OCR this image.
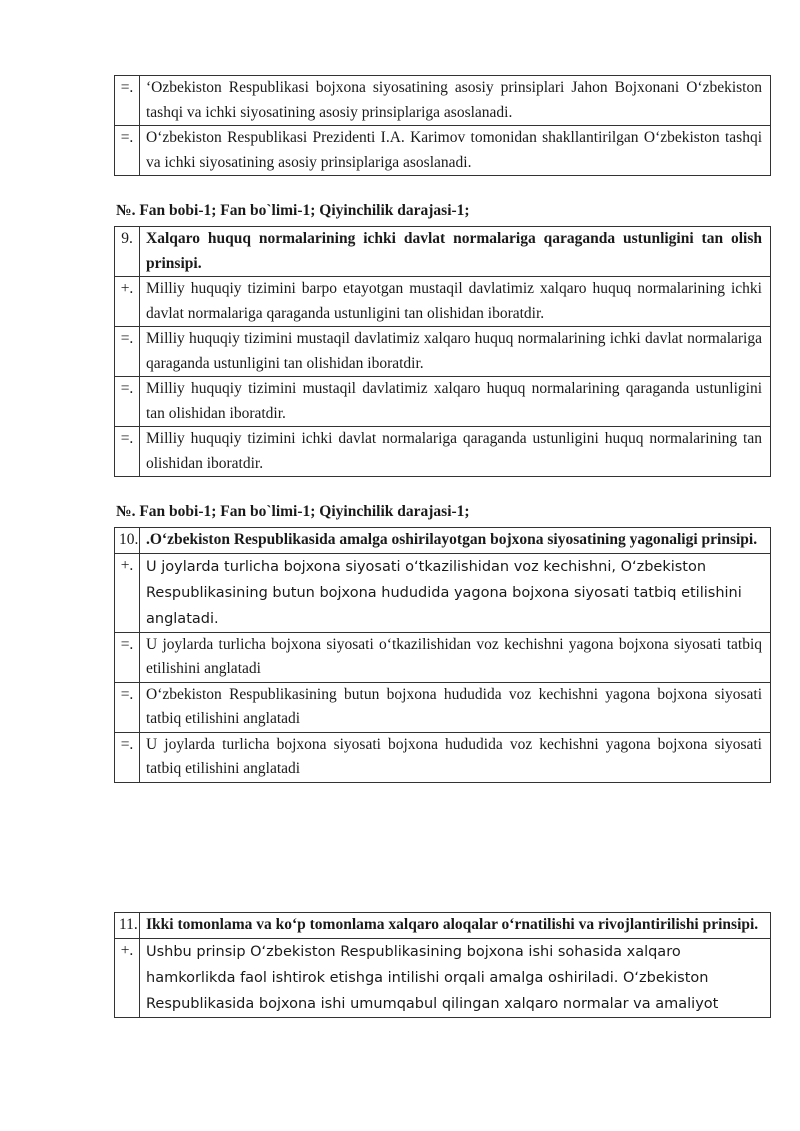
=.	‘Ozbekiston Respublikasi bojxona siyosatining asosiy prinsiplari Jahon Bojxonani O‘zbekiston tashqi va ichki siyosatining asosiy prinsiplariga asoslanadi.
=.	O‘zbekiston Respublikasi Prezidenti I.A. Karimov tomonidan shakllantirilgan O‘zbekiston tashqi va ichki siyosatining asosiy prinsiplariga asoslanadi.
№. Fan bobi-1; Fan bo`limi-1; Qiyinchilik darajasi-1;
9.	Xalqaro huquq normalarining ichki davlat normalariga qaraganda ustunligini tan olish prinsipi.
+.	Milliy huquqiy tizimini barpo etayotgan mustaqil davlatimiz xalqaro huquq normalarining ichki davlat normalariga qaraganda ustunligini tan olishidan iboratdir.
=.	Milliy huquqiy tizimini mustaqil davlatimiz xalqaro huquq normalarining ichki davlat normalariga qaraganda ustunligini tan olishidan iboratdir.
=.	Milliy huquqiy tizimini mustaqil davlatimiz xalqaro huquq normalarining qaraganda ustunligini tan olishidan iboratdir.
=.	Milliy huquqiy tizimini ichki davlat normalariga qaraganda ustunligini huquq normalarining tan olishidan iboratdir.
№. Fan bobi-1; Fan bo`limi-1; Qiyinchilik darajasi-1;
10.	.O‘zbekiston Respublikasida amalga oshirilayotgan bojxona siyosatining yagonaligi prinsipi.
+.	U joylarda turlicha bojxona siyosati oʻtkazilishidan voz kechishni, Oʻzbekiston Respublikasining butun bojxona hududida yagona bojxona siyosati tatbiq etilishini anglatadi.
=.	U joylarda turlicha bojxona siyosati oʻtkazilishidan voz kechishni yagona bojxona siyosati tatbiq etilishini anglatadi
=.	Oʻzbekiston Respublikasining butun bojxona hududida voz kechishni yagona bojxona siyosati tatbiq etilishini anglatadi
=.	U joylarda turlicha bojxona siyosati bojxona hududida voz kechishni yagona bojxona siyosati tatbiq etilishini anglatadi
11.	Ikki tomonlama va ko‘p tomonlama xalqaro aloqalar o‘rnatilishi va rivojlantirilishi prinsipi.
+.	Ushbu prinsip Oʻzbekiston Respublikasining bojxona ishi sohasida xalqaro hamkorlikda faol ishtirok etishga intilishi orqali amalga oshiriladi. Oʻzbekiston Respublikasida bojxona ishi umumqabul qilingan xalqaro normalar va amaliyot
